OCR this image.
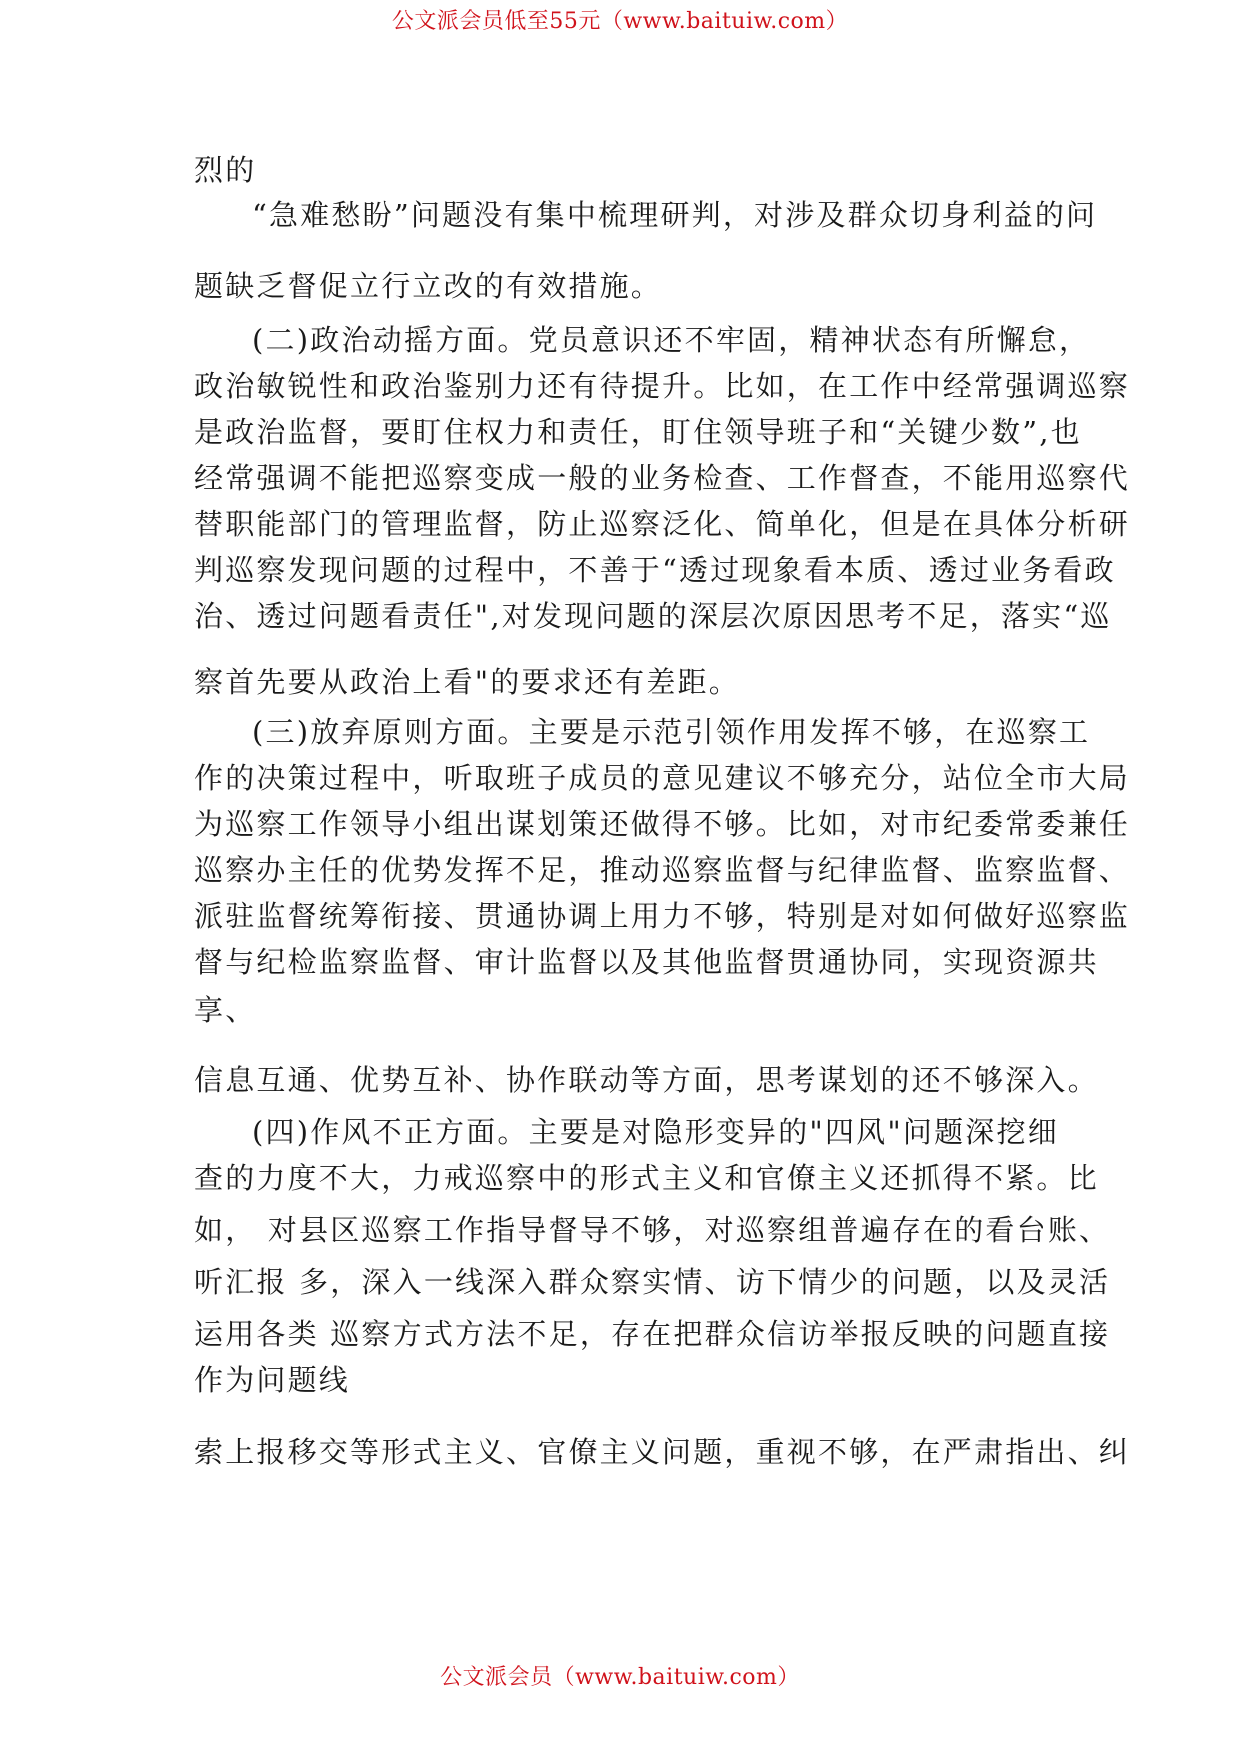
公文派会员低至55元（www.baituiw.com）
烈的
“急难愁盼”问题没有集中梳理研判，对涉及群众切身利益的问
题缺乏督促立行立改的有效措施。
(二)政治动摇方面。党员意识还不牢固，精神状态有所懈怠，
政治敏锐性和政治鉴别力还有待提升。比如，在工作中经常强调巡察
是政治监督，要盯住权力和责任，盯住领导班子和“关键少数”,也
经常强调不能把巡察变成一般的业务检查、工作督查，不能用巡察代
替职能部门的管理监督，防止巡察泛化、简单化，但是在具体分析研
判巡察发现问题的过程中，不善于“透过现象看本质、透过业务看政
治、透过问题看责任",对发现问题的深层次原因思考不足，落实“巡
察首先要从政治上看"的要求还有差距。
(三)放弃原则方面。主要是示范引领作用发挥不够，在巡察工
作的决策过程中，听取班子成员的意见建议不够充分，站位全市大局
为巡察工作领导小组出谋划策还做得不够。比如，对市纪委常委兼任
巡察办主任的优势发挥不足，推动巡察监督与纪律监督、监察监督、
派驻监督统筹衔接、贯通协调上用力不够，特别是对如何做好巡察监
督与纪检监察监督、审计监督以及其他监督贯通协同，实现资源共
享、
信息互通、优势互补、协作联动等方面，思考谋划的还不够深入。
(四)作风不正方面。主要是对隐形变异的"四风"问题深挖细
查的力度不大，力戒巡察中的形式主义和官僚主义还抓得不紧。比
如， 对县区巡察工作指导督导不够，对巡察组普遍存在的看台账、
听汇报 多，深入一线深入群众察实情、访下情少的问题，以及灵活
运用各类 巡察方式方法不足，存在把群众信访举报反映的问题直接
作为问题线
索上报移交等形式主义、官僚主义问题，重视不够，在严肃指出、纠
公文派会员（www.baituiw.com）
